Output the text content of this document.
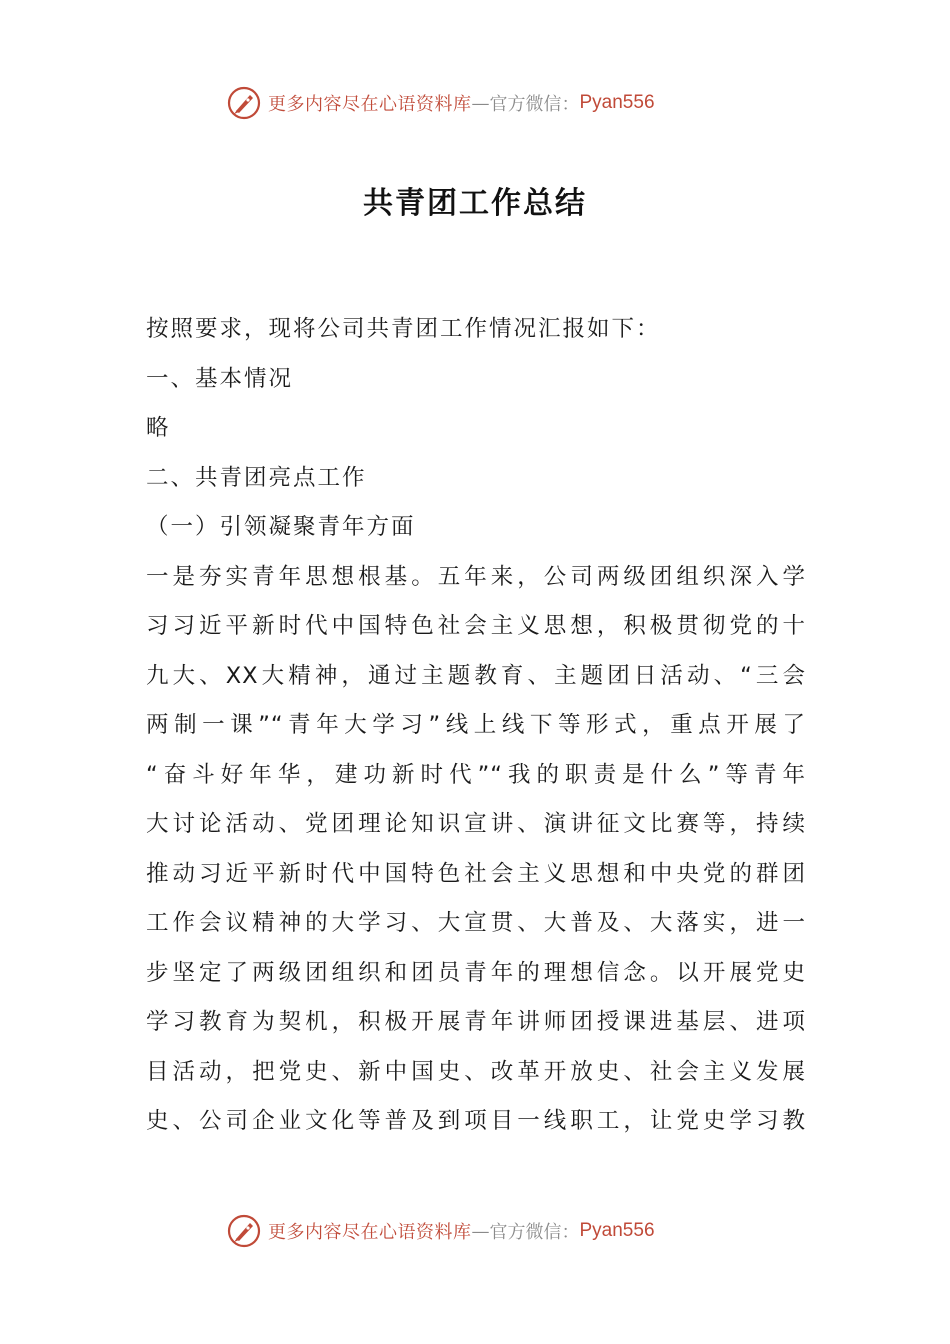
更多内容尽在心语资料库 — 官方微信： Pyan556
共青团工作总结

按照要求，现将公司共青团工作情况汇报如下：

一、基本情况

略

二、共青团亮点工作

（一）引领凝聚青年方面

一是夯实青年思想根基。五年来，公司两级团组织深入学

习习近平新时代中国特色社会主义思想，积极贯彻党的十

九大、XX大精神，通过主题教育、主题团日活动、“三会

两制一课”“青年大学习”线上线下等形式，重点开展了

“奋斗好年华，建功新时代”“我的职责是什么”等青年

大讨论活动、党团理论知识宣讲、演讲征文比赛等，持续

推动习近平新时代中国特色社会主义思想和中央党的群团

工作会议精神的大学习、大宣贯、大普及、大落实，进一

步坚定了两级团组织和团员青年的理想信念。以开展党史

学习教育为契机，积极开展青年讲师团授课进基层、进项

目活动，把党史、新中国史、改革开放史、社会主义发展

史、公司企业文化等普及到项目一线职工，让党史学习教

更多内容尽在心语资料库 — 官方微信： Pyan556
